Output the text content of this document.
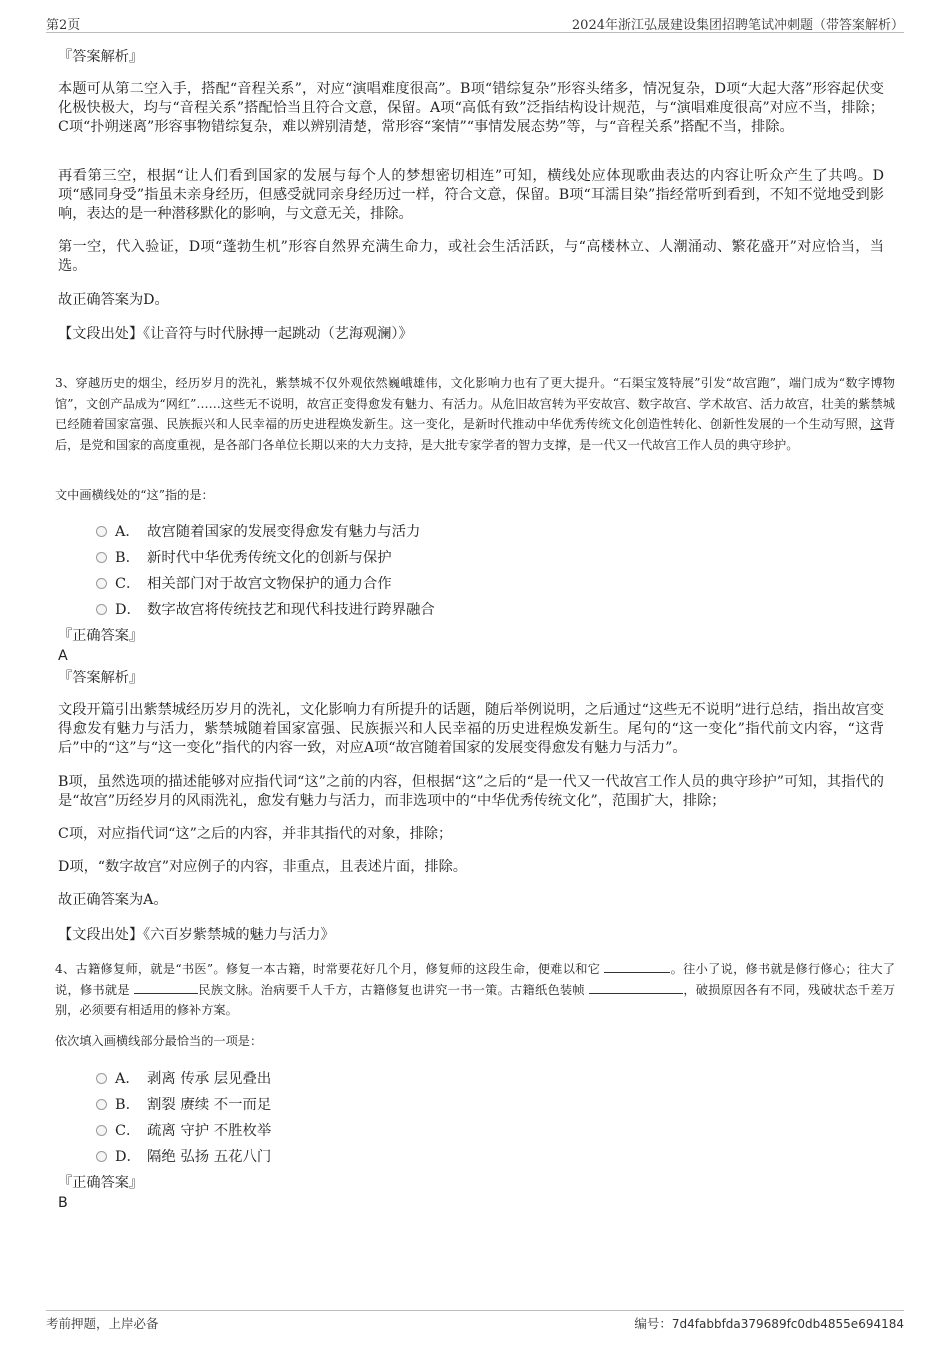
第2页	2024年浙江弘晟建设集团招聘笔试冲刺题（带答案解析）
『答案解析』

本题可从第二空入手，搭配“音程关系”，对应“演唱难度很高”。B项“错综复杂”形容头绪多，情况复杂，D项“大起大落”形容起伏变化极快极大，均与“音程关系”搭配恰当且符合文意，保留。A项“高低有致”泛指结构设计规范，与“演唱难度很高”对应不当，排除；C项“扑朔迷离”形容事物错综复杂，难以辨别清楚，常形容“案情”“事情发展态势”等，与“音程关系”搭配不当，排除。

再看第三空，根据“让人们看到国家的发展与每个人的梦想密切相连”可知，横线处应体现歌曲表达的内容让听众产生了共鸣。D项“感同身受”指虽未亲身经历，但感受就同亲身经历过一样，符合文意，保留。B项“耳濡目染”指经常听到看到，不知不觉地受到影响，表达的是一种潜移默化的影响，与文意无关，排除。

第一空，代入验证，D项“蓬勃生机”形容自然界充满生命力，或社会生活活跃，与“高楼林立、人潮涌动、繁花盛开”对应恰当，当选。

故正确答案为D。

【文段出处】《让音符与时代脉搏一起跳动（艺海观澜）》

3、穿越历史的烟尘，经历岁月的洗礼，紫禁城不仅外观依然巍峨雄伟，文化影响力也有了更大提升。“石渠宝笈特展”引发“故宫跑”，端门成为“数字博物馆”，文创产品成为“网红”……这些无不说明，故宫正变得愈发有魅力、有活力。从危旧故宫转为平安故宫、数字故宫、学术故宫、活力故宫，壮美的紫禁城已经随着国家富强、民族振兴和人民幸福的历史进程焕发新生。这一变化，是新时代推动中华优秀传统文化创造性转化、创新性发展的一个生动写照，这背后，是党和国家的高度重视，是各部门各单位长期以来的大力支持，是大批专家学者的智力支撑，是一代又一代故宫工作人员的典守珍护。

文中画横线处的“这”指的是：

A． 故宫随着国家的发展变得愈发有魅力与活力
B． 新时代中华优秀传统文化的创新与保护
C． 相关部门对于故宫文物保护的通力合作
D． 数字故宫将传统技艺和现代科技进行跨界融合
『正确答案』
A
『答案解析』

文段开篇引出紫禁城经历岁月的洗礼，文化影响力有所提升的话题，随后举例说明，之后通过“这些无不说明”进行总结，指出故宫变得愈发有魅力与活力，紫禁城随着国家富强、民族振兴和人民幸福的历史进程焕发新生。尾句的“这一变化”指代前文内容，“这背后”中的“这”与“这一变化”指代的内容一致，对应A项“故宫随着国家的发展变得愈发有魅力与活力”。

B项，虽然选项的描述能够对应指代词“这”之前的内容，但根据“这”之后的“是一代又一代故宫工作人员的典守珍护”可知，其指代的是“故宫”历经岁月的风雨洗礼，愈发有魅力与活力，而非选项中的“中华优秀传统文化”，范围扩大，排除；

C项，对应指代词“这”之后的内容，并非其指代的对象，排除；

D项，“数字故宫”对应例子的内容，非重点，且表述片面，排除。

故正确答案为A。

【文段出处】《六百岁紫禁城的魅力与活力》

4、古籍修复师，就是“书医”。修复一本古籍，时常要花好几个月，修复师的这段生命，便难以和它	。往小了说，修书就是修行修心；往大了说，修书就是	民族文脉。治病要千人千方，古籍修复也讲究一书一策。古籍纸色装帧	，破损原因各有不同，残破状态千差万别，必须要有相适用的修补方案。

依次填入画横线部分最恰当的一项是：

A． 剥离 传承 层见叠出
B． 割裂 赓续 不一而足
C． 疏离 守护 不胜枚举
D． 隔绝 弘扬 五花八门
『正确答案』
B
考前押题，上岸必备	编号：7d4fabbfda379689fc0db4855e694184
